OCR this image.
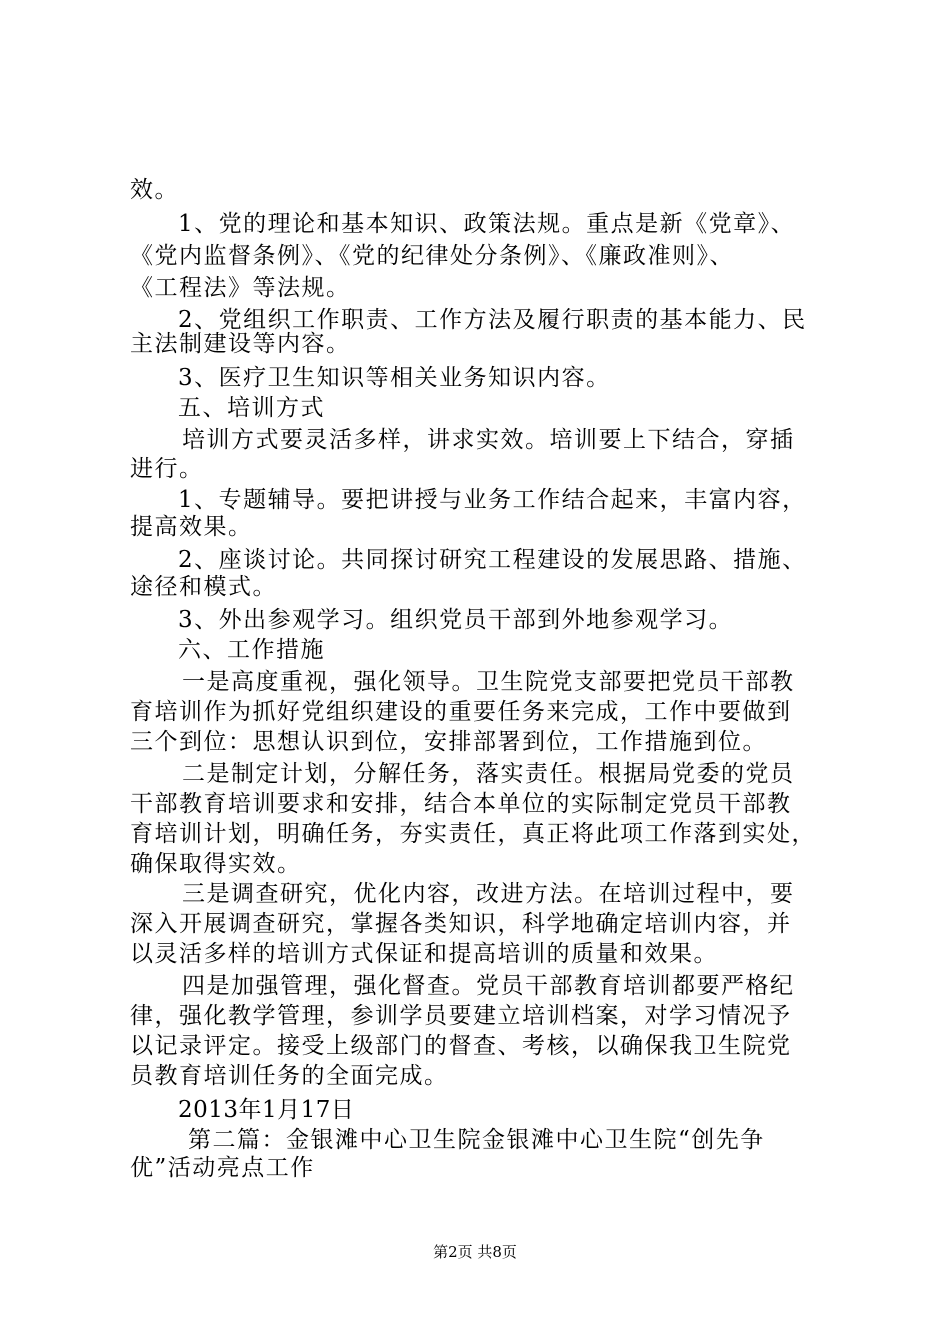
效。
1、党的理论和基本知识、政策法规。重点是新《党章》、
《党内监督条例》、《党的纪律处分条例》、《廉政准则》、
《工程法》等法规。
2、党组织工作职责、工作方法及履行职责的基本能力、民
主法制建设等内容。
3、医疗卫生知识等相关业务知识内容。
五、培训方式
培训方式要灵活多样，讲求实效。培训要上下结合，穿插
进行。
1、专题辅导。要把讲授与业务工作结合起来，丰富内容，
提高效果。
2、座谈讨论。共同探讨研究工程建设的发展思路、措施、
途径和模式。
3、外出参观学习。组织党员干部到外地参观学习。
六、工作措施
一是高度重视，强化领导。卫生院党支部要把党员干部教
育培训作为抓好党组织建设的重要任务来完成，工作中要做到
三个到位：思想认识到位，安排部署到位，工作措施到位。
二是制定计划，分解任务，落实责任。根据局党委的党员
干部教育培训要求和安排，结合本单位的实际制定党员干部教
育培训计划，明确任务，夯实责任，真正将此项工作落到实处，
确保取得实效。
三是调查研究，优化内容，改进方法。在培训过程中，要
深入开展调查研究，掌握各类知识，科学地确定培训内容，并
以灵活多样的培训方式保证和提高培训的质量和效果。
四是加强管理，强化督查。党员干部教育培训都要严格纪
律，强化教学管理，参训学员要建立培训档案，对学习情况予
以记录评定。接受上级部门的督查、考核，以确保我卫生院党
员教育培训任务的全面完成。
2013年1月17日
第二篇：金银滩中心卫生院金银滩中心卫生院“创先争
优”活动亮点工作
第2页 共8页
